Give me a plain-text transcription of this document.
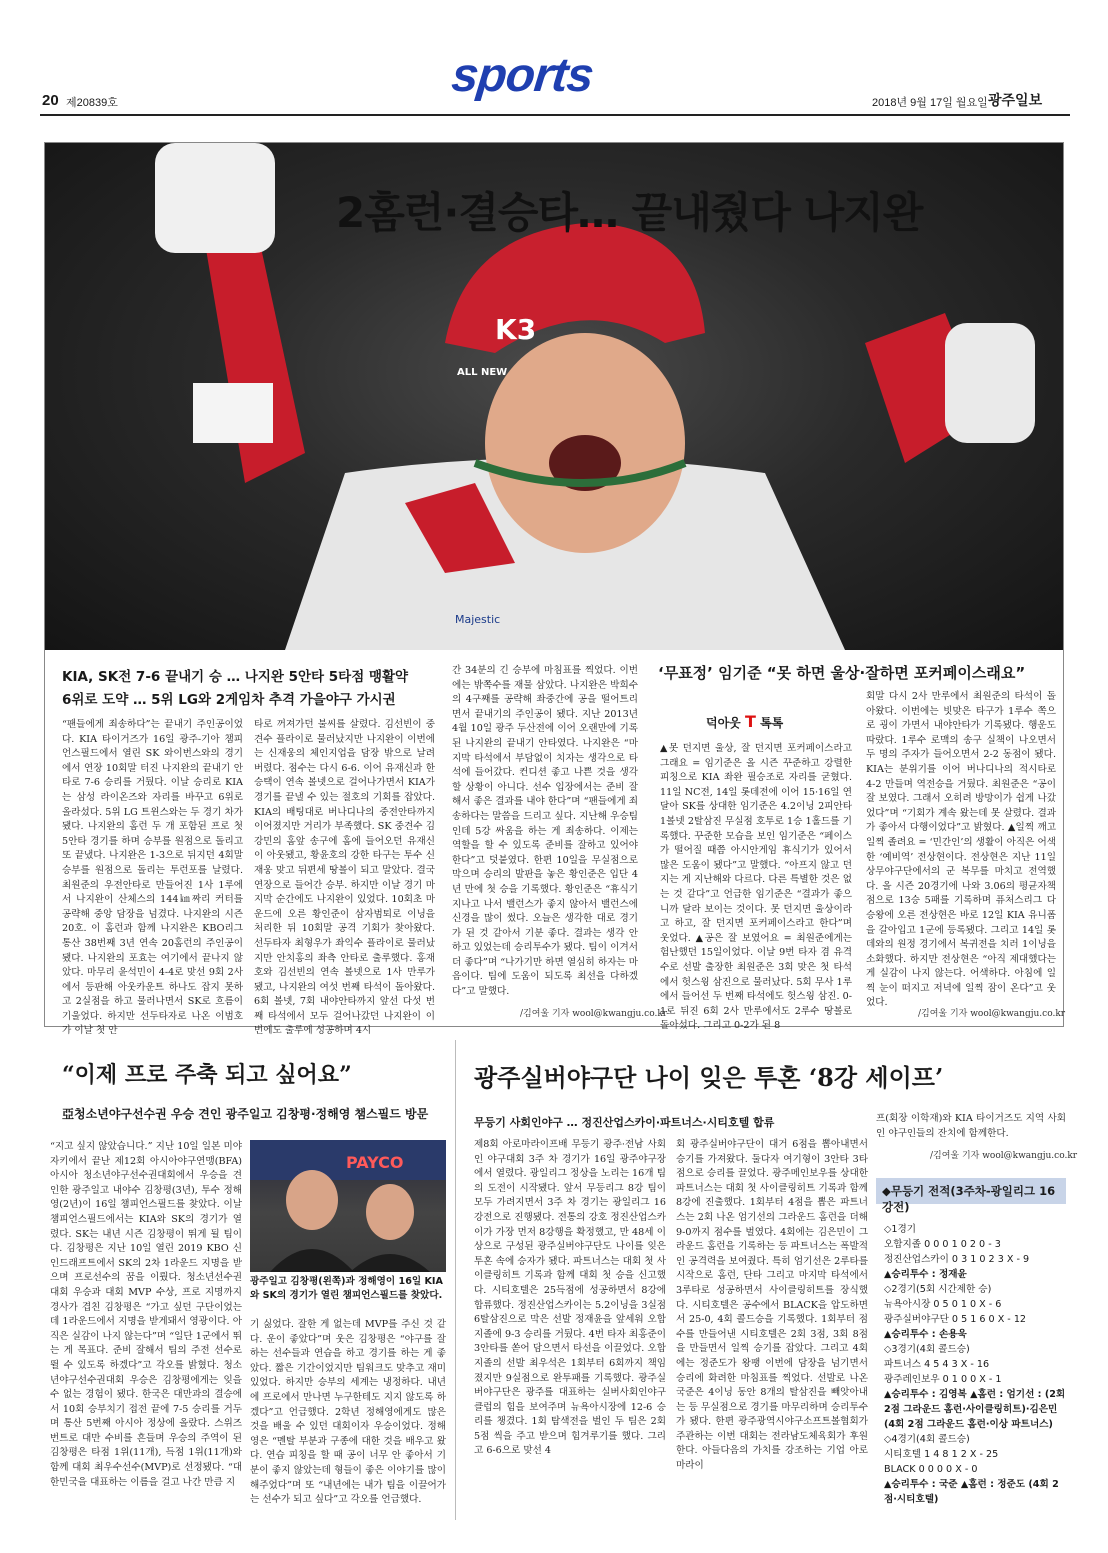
20 제20839호
sports
2018년 9월 17일 월요일 광주일보
K3
ALL NEW
Majestic
2홈런·결승타… 끝내줬다 나지완
KIA, SK전 7-6 끝내기 승 … 나지완 5안타 5타점 맹활약
6위로 도약 … 5위 LG와 2게임차 추격 가을야구 가시권
“팬들에게 죄송하다”는 끝내기 주인공이었다. KIA 타이거즈가 16일 광주-기아 챔피언스필드에서 열린 SK 와이번스와의 경기에서 연장 10회말 터진 나지완의 끝내기 안타로 7-6 승리를 거뒀다. 이날 승리로 KIA는 삼성 라이온즈와 자리를 바꾸고 6위로 올라섰다. 5위 LG 트윈스와는 두 경기 차가 됐다. 나지완의 홈런 두 개 포함된 프로 첫 5안타 경기를 하며 승부를 원점으로 돌리고 또 끝냈다. 나지완은 1-3으로 뒤지던 4회말 승부를 원점으로 돌리는 투런포를 날렸다. 최원준의 우전안타로 만들어진 1사 1루에서 나지완이 산체스의 144㎞짜리 커터를 공략해 중앙 담장을 넘겼다. 나지완의 시즌 20호. 이 홈런과 함께 나지완은 KBO리그 통산 38번째 3년 연속 20홈런의 주인공이 됐다. 나지완의 포효는 여기에서 끝나지 않았다. 마무리 윤석민이 4-4로 맞선 9회 2사에서 등판해 아웃카운트 하나도 잡지 못하고 2실점을 하고 물러나면서 SK로 흐름이 기울었다. 하지만 선두타자로 나온 이범호가 이날 첫 안
타로 꺼져가던 불씨를 살렸다. 김선빈이 중견수 플라이로 물러났지만 나지완이 이번에는 신재웅의 체인지업을 담장 밖으로 날려버렸다. 점수는 다시 6-6. 이어 유재신과 한승택이 연속 볼넷으로 걸어나가면서 KIA가 경기를 끝낼 수 있는 절호의 기회를 잡았다. KIA의 배팅대로 버나디나의 중전안타까지 이어졌지만 거리가 부족했다. SK 중견수 김강민의 홈앞 송구에 홈에 들어오던 유재신이 아웃됐고, 황윤호의 강한 타구는 투수 신재웅 맞고 뒤편세 땅볼이 되고 말았다. 결국 연장으로 들어간 승부. 하지만 이날 경기 마지막 순간에도 나지완이 있었다. 10회초 마운드에 오른 황인준이 삼자범퇴로 이닝을 처리한 뒤 10회말 공격 기회가 찾아왔다. 선두타자 최형우가 좌익수 플라이로 물러났지만 안치홍의 좌측 안타로 출루했다. 홍재호와 김선빈의 연속 볼넷으로 1사 만루가 됐고, 나지완의 여섯 번째 타석이 돌아왔다. 6회 볼넷, 7회 내야안타까지 앞선 다섯 번째 타석에서 모두 걸어나갔던 나지완이 이번에도 출루에 성공하며 4시
간 34분의 긴 승부에 마침표를 찍었다. 이번에는 밖쪽수를 재물 삼았다. 나지완은 박희수의 4구째를 공략해 좌중간에 공을 떨어트리면서 끝내기의 주인공이 됐다. 지난 2013년 4월 10일 광주 두산전에 이어 오랜만에 기록된 나지완의 끝내기 안타였다. 나지완은 “마지막 타석에서 부담없이 치자는 생각으로 타석에 들어갔다. 컨디션 좋고 나쁜 것을 생각할 상황이 아니다. 선수 입장에서는 준비 잘해서 좋은 결과를 내야 한다”며 “팬들에게 죄송하다는 말씀을 드리고 싶다. 지난해 우승팀인데 5강 싸움을 하는 게 죄송하다. 이제는 역할을 할 수 있도록 준비를 잘하고 있어야 한다”고 덧붙였다. 한편 10일을 무실점으로 막으며 승리의 발판을 놓은 황인준은 입단 4년 만에 첫 승을 기록했다. 황인준은 “휴식기 지나고 나서 밸런스가 좋지 않아서 밸런스에 신경을 많이 썼다. 오늘은 생각한 대로 경기가 된 것 같아서 기분 좋다. 결과는 생각 안 하고 있었는데 승리투수가 됐다. 팀이 이겨서 더 좋다”며 “나가기만 하면 열심히 하자는 마음이다. 팀에 도움이 되도록 최선을 다하겠다”고 말했다.
/김여울 기자 wool@kwangju.co.kr
‘무표정’ 임기준 “못 하면 울상·잘하면 포커페이스래요”
덕아웃 T 톡톡
▲못 던지면 울상, 잘 던지면 포커페이스라고 그래요 = 임기준은 올 시즌 꾸준하고 강렬한 피칭으로 KIA 좌완 필승조로 자리를 굳혔다. 11일 NC전, 14일 롯데전에 이어 15·16일 연달아 SK를 상대한 임기준은 4.2이닝 2피안타 1볼넷 2탈삼진 무실점 호투로 1승 1홀드를 기록했다. 꾸준한 모습을 보인 임기준은 “페이스가 떨어질 때쯤 아시안게임 휴식기가 있어서 많은 도움이 됐다”고 말했다. “아프지 않고 던지는 게 지난해와 다르다. 다른 특별한 것은 없는 것 같다”고 언급한 임기준은 “결과가 좋으니까 달라 보이는 것이다. 못 던지면 울상이라고 하고, 잘 던지면 포커페이스라고 한다”며 웃었다. ▲공은 잘 보였어요 = 최원준에게는 험난했던 15일이었다. 이날 9번 타자 겸 유격수로 선발 출장한 최원준은 3회 맞은 첫 타석에서 헛스윙 삼진으로 물러났다. 5회 무사 1루에서 들어선 두 번째 타석에도 헛스윙 삼진. 0-1로 뒤진 6회 2사 만루에서도 2루수 땅볼로 돌아섰다. 그리고 0-2가 된 8
회말 다시 2사 만루에서 최원준의 타석이 돌아왔다. 이번에는 빗맞은 타구가 1루수 쪽으로 굉이 가면서 내야안타가 기록됐다. 행운도 따랐다. 1루수 로맥의 송구 실책이 나오면서 두 명의 주자가 들어오면서 2-2 동점이 됐다. KIA는 분위기를 이어 버나디나의 적시타로 4-2 만들며 역전승을 거뒀다. 최원준은 “공이 잘 보였다. 그래서 오히려 방망이가 쉽게 나갔었다”며 “기회가 계속 왔는데 못 살렸다. 결과가 좋아서 다행이었다”고 밝혔다. ▲일찍 깨고 일찍 졸려요 = ‘민간인’의 생활이 아직은 어색한 ‘예비역’ 전상현이다. 전상현은 지난 11일 상무야구단에서의 군 복무를 마치고 전역했다. 올 시즌 20경기에 나와 3.06의 평균자책점으로 13승 5패를 기록하며 퓨처스리그 다승왕에 오른 전상현은 바로 12일 KIA 유니폼을 갈아입고 1군에 등록됐다. 그리고 14일 롯데와의 원정 경기에서 복귀전을 치러 1이닝을 소화했다. 하지만 전상현은 “아직 제대했다는 게 실감이 나지 않는다. 어색하다. 아침에 일찍 눈이 떠지고 저녁에 일찍 잠이 온다”고 웃었다.
/김여울 기자 wool@kwangju.co.kr
“이제 프로 주축 되고 싶어요”
亞청소년야구선수권 우승 견인 광주일고 김창평·정해영 챔스필드 방문
“지고 싶지 않았습니다.” 지난 10일 일본 미야자키에서 끝난 제12회 아시아야구연맹(BFA) 아시아 청소년야구선수권대회에서 우승을 견인한 광주일고 내야수 김창평(3년), 투수 정해영(2년)이 16일 챔피언스필드를 찾았다. 이날 챔피언스필드에서는 KIA와 SK의 경기가 열렸다. SK는 내년 시즌 김창평이 뛰게 될 팀이다. 김창평은 지난 10일 열린 2019 KBO 신인드래프트에서 SK의 2차 1라운드 지명을 받으며 프로선수의 꿈을 이뤘다. 청소년선수권 대회 우승과 대회 MVP 수상, 프로 지명까지 경사가 겹친 김창평은 “가고 싶던 구단이었는데 1라운드에서 지명을 받게돼서 영광이다. 아직은 실감이 나지 않는다”며 “일단 1군에서 뛰는 게 목표다. 준비 잘해서 팀의 주전 선수로 뛸 수 있도록 하겠다”고 각오를 밝혔다. 청소년야구선수권대회 우승은 김창평에게는 잊을 수 없는 경험이 됐다. 한국은 대만과의 결승에서 10회 승부치기 접전 끝에 7-5 승리를 거두며 통산 5번째 아시아 정상에 올랐다. 스위즈 번트로 대만 수비를 흔들며 우승의 주역이 된 김창평은 타점 1위(11개), 득점 1위(11개)와 함께 대회 최우수선수(MVP)로 선정됐다. “대한민국을 대표하는 이름을 걸고 나간 만큼 지
PAYCO
광주일고 김창평(왼쪽)과 정해영이 16일 KIA와 SK의 경기가 열린 챔피언스필드를 찾았다.
기 싫었다. 잘한 게 없는데 MVP를 주신 것 같다. 운이 좋았다”며 웃은 김창평은 “야구를 잘하는 선수들과 연습을 하고 경기를 하는 게 좋았다. 짧은 기간이었지만 팀워크도 맞추고 재미있었다. 하지만 승부의 세계는 냉정하다. 내년에 프로에서 만나면 누구한테도 지지 않도록 하겠다”고 언급했다. 2학년 정해영에게도 많은 것을 배울 수 있던 대회이자 우승이었다. 정해영은 “멘탈 부분과 구종에 대한 것을 배우고 왔다. 연습 피칭을 할 때 공이 너무 안 좋아서 기분이 좋지 않았는데 형들이 좋은 이야기를 많이 해주었다”며 또 “내년에는 내가 팀을 이끌어가는 선수가 되고 싶다”고 각오를 언급했다.
광주실버야구단 나이 잊은 투혼 ‘8강 세이프’
무등기 사회인야구 … 정진산업스카이·파트너스·시티호텔 합류
제8회 아로마라이프배 무등기 광주·전남 사회인 야구대회 3주 차 경기가 16일 광주야구장에서 열렸다. 광일리그 정상을 노리는 16개 팀의 도전이 시작됐다. 앞서 무등리그 8강 팀이 모두 가려지면서 3주 차 경기는 광일리그 16강전으로 진행됐다. 전통의 강호 정진산업스카이가 가장 먼저 8강행을 확정했고, 만 48세 이상으로 구성된 광주실버야구단도 나이를 잊은 투혼 속에 승자가 됐다. 파트너스는 대회 첫 사이클링히트 기록과 함께 대회 첫 승을 신고했다. 시티호텔은 25득점에 성공하면서 8강에 합류했다. 정진산업스카이는 5.2이닝을 3실점 6탈삼진으로 막은 선발 정재윤을 앞세워 오합지졸에 9-3 승리를 거뒀다. 4번 타자 최홍준이 3안타를 쏟어 담으면서 타선을 이끌었다. 오합지졸의 선발 최우석은 1회부터 6회까지 책임졌지만 9실점으로 완투패를 기록했다. 광주실버야구단은 광주를 대표하는 실버사회인야구클럽의 힘을 보여주며 뉴욕아시장에 12-6 승리를 챙겼다. 1회 탐색전을 벌인 두 팀은 2회 5점 씩을 주고 받으며 힘겨루기를 했다. 그리고 6-6으로 맞선 4
회 광주실버야구단이 대거 6점을 뽑아내면서 승기를 가져왔다. 둘다자 여기형이 3안타 3타점으로 승리를 끌었다. 광주메인보우를 상대한 파트너스는 대회 첫 사이클링히트 기록과 함께 8강에 진출했다. 1회부터 4점을 뽑은 파트너스는 2회 나온 엄기선의 그라운드 홈런을 더해 9-0까지 점수를 벌였다. 4회에는 김은민이 그라운드 홈런을 기록하는 등 파트너스는 폭발적인 공격력을 보여줬다. 특히 엄기선은 2루타를 시작으로 홈런, 단타 그리고 마지막 타석에서 3루타로 성공하면서 사이클링히트를 장식했다. 시티호텔은 공수에서 BLACK을 압도하면서 25-0, 4회 콜드승을 기록했다. 1회부터 점수를 만들어낸 시티호텔은 2회 3점, 3회 8점을 만들면서 일찍 승기를 잡았다. 그리고 4회에는 정준도가 왕팽 이번에 담장을 넘기면서 승리에 화려한 마침표를 찍었다. 선발로 나온 국준은 4이닝 동안 8개의 탈삼진을 빼앗아내는 등 무실점으로 경기를 마무리하며 승리투수가 됐다. 한편 광주광역시야구소프트볼협회가 주관하는 이번 대회는 전라남도체육회가 후원한다. 아들다음의 가치를 강조하는 기업 아로마라이
프(회장 이학재)와 KIA 타이거즈도 지역 사회인 야구인들의 잔치에 함께한다.
/김여울 기자 wool@kwangju.co.kr
◆무등기 전적(3주차-광일리그 16강전)

◇1경기

오합지졸 0 0 0 1 0 2 0 - 3

정진산업스카이 0 3 1 0 2 3 X - 9

▲승리투수 : 정재윤

◇2경기(5회 시간제한 승)

뉴욕아시장 0 5 0 1 0 X - 6

광주실버야구단 0 5 1 6 0 X - 12

▲승리투수 : 손용욱

◇3경기(4회 콜드승)

파트너스 4 5 4 3 X - 16

광주레인보우 0 1 0 0 X - 1

▲승리투수 : 김영복 ▲홈런 : 엄기선 : (2회 2점 그라운드 홈런·사이클링히트)·김은민 (4회 2점 그라운드 홈런·이상 파트너스)

◇4경기(4회 콜드승)

시티호텔 1 4 8 1 2 X - 25

BLACK 0 0 0 0 X - 0

▲승리투수 : 국준 ▲홈런 : 정준도 (4회 2점·시티호텔)
